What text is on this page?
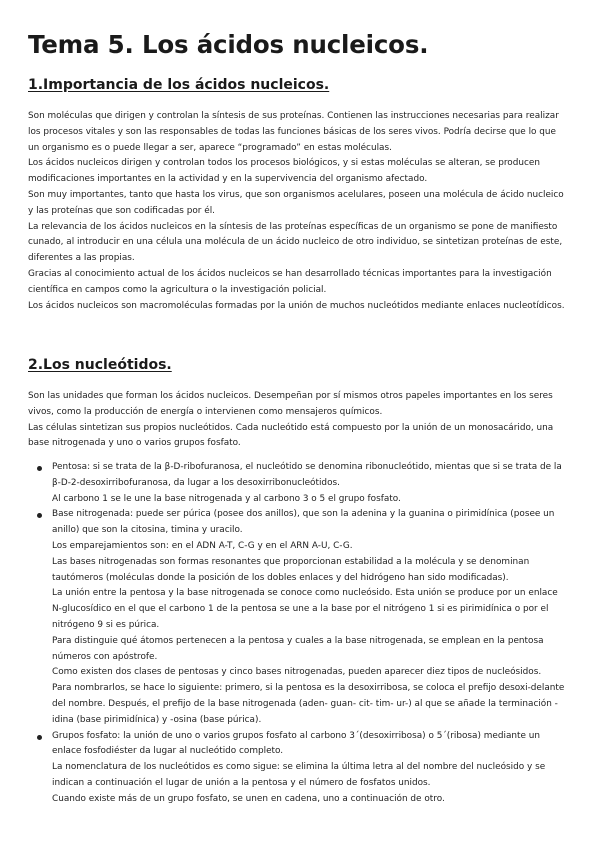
Tema 5. Los ácidos nucleicos.
1.Importancia de los ácidos nucleicos.
Son moléculas que dirigen y controlan la síntesis de sus proteínas. Contienen las instrucciones necesarias para realizar los procesos vitales y son las responsables de todas las funciones básicas de los seres vivos. Podría decirse que lo que un organismo es o puede llegar a ser, aparece “programado” en estas moléculas.
Los ácidos nucleicos dirigen y controlan todos los procesos biológicos, y si estas moléculas se alteran, se producen modificaciones importantes en la actividad y en la supervivencia del organismo afectado.
Son muy importantes, tanto que hasta los virus, que son organismos acelulares, poseen una molécula de ácido nucleico y las proteínas que son codificadas por él.
La relevancia de los ácidos nucleicos en la síntesis de las proteínas específicas de un organismo se pone de manifiesto cunado, al introducir en una célula una molécula de un ácido nucleico de otro individuo, se sintetizan proteínas de este, diferentes a las propias.
Gracias al conocimiento actual de los ácidos nucleicos se han desarrollado técnicas importantes para la investigación científica en campos como la agricultura o la investigación policial.
Los ácidos nucleicos son macromoléculas formadas por la unión de muchos nucleótidos mediante enlaces nucleotídicos.
2.Los nucleótidos.
Son las unidades que forman los ácidos nucleicos. Desempeñan por sí mismos otros papeles importantes en los seres vivos, como la producción de energía o intervienen como mensajeros químicos.
Las células sintetizan sus propios nucleótidos. Cada nucleótido está compuesto por la unión de un monosacárido, una base nitrogenada y uno o varios grupos fosfato.
Pentosa: si se trata de la β-D-ribofuranosa, el nucleótido se denomina ribonucleótido, mientas que si se trata de la β-D-2-desoxirribofuranosa, da lugar a los desoxirribonucleótidos.
Al carbono 1 se le une la base nitrogenada y al carbono 3 o 5 el grupo fosfato.
Base nitrogenada: puede ser púrica (posee dos anillos), que son la adenina y la guanina o pirimidínica (posee un anillo) que son la citosina, timina y uracilo.
Los emparejamientos son: en el ADN A-T, C-G y en el ARN A-U, C-G.
Las bases nitrogenadas son formas resonantes que proporcionan estabilidad a la molécula y se denominan tautómeros (moléculas donde la posición de los dobles enlaces y del hidrógeno han sido modificadas).
La unión entre la pentosa y la base nitrogenada se conoce como nucleósido. Esta unión se produce por un enlace N-glucosídico en el que el carbono 1 de la pentosa se une a la base por el nitrógeno 1 si es pirimidínica o por el nitrógeno 9 si es púrica.
Para distinguie qué átomos pertenecen a la pentosa y cuales a la base nitrogenada, se emplean en la pentosa números con apóstrofe.
Como existen dos clases de pentosas y cinco bases nitrogenadas, pueden aparecer diez tipos de nucleósidos.
Para nombrarlos, se hace lo siguiente: primero, si la pentosa es la desoxirribosa, se coloca el prefijo desoxi-delante del nombre. Después, el prefijo de la base nitrogenada (aden- guan- cit- tim- ur-) al que se añade la terminación -idina (base pirimidínica) y -osina (base púrica).
Grupos fosfato: la unión de uno o varios grupos fosfato al carbono 3´(desoxirribosa) o 5´(ribosa) mediante un enlace fosfodiéster da lugar al nucleótido completo.
La nomenclatura de los nucleótidos es como sigue: se elimina la última letra al del nombre del nucleósido y se indican a continuación el lugar de unión a la pentosa y el número de fosfatos unidos.
Cuando existe más de un grupo fosfato, se unen en cadena, uno a continuación de otro.
